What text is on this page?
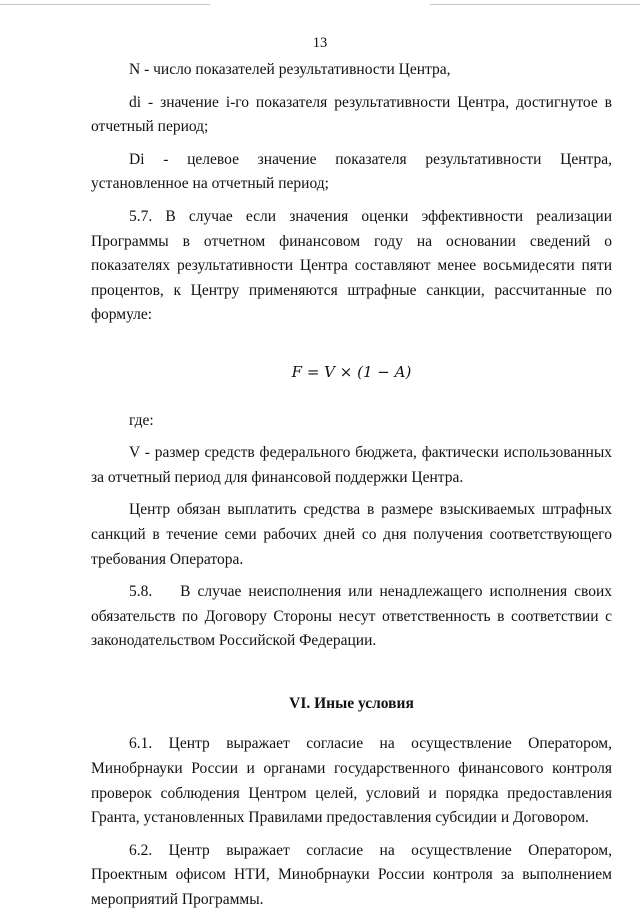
13

N - число показателей результативности Центра,

di - значение i-го показателя результативности Центра, достигнутое в отчетный период;

Di - целевое значение показателя результативности Центра, установленное на отчетный период;

5.7. В случае если значения оценки эффективности реализации Программы в отчетном финансовом году на основании сведений о показателях результативности Центра составляют менее восьмидесяти пяти процентов, к Центру применяются штрафные санкции, рассчитанные по формуле:

F = V × (1 − A)

где:

V - размер средств федерального бюджета, фактически использованных за отчетный период для финансовой поддержки Центра.

Центр обязан выплатить средства в размере взыскиваемых штрафных санкций в течение семи рабочих дней со дня получения соответствующего требования Оператора.

5.8.    В случае неисполнения или ненадлежащего исполнения своих обязательств по Договору Стороны несут ответственность в соответствии с законодательством Российской Федерации.

VI. Иные условия

6.1. Центр выражает согласие на осуществление Оператором, Минобрнауки России и органами государственного финансового контроля проверок соблюдения Центром целей, условий и порядка предоставления Гранта, установленных Правилами предоставления субсидии и Договором.

6.2. Центр выражает согласие на осуществление Оператором, Проектным офисом НТИ, Минобрнауки России контроля за выполнением мероприятий Программы.
